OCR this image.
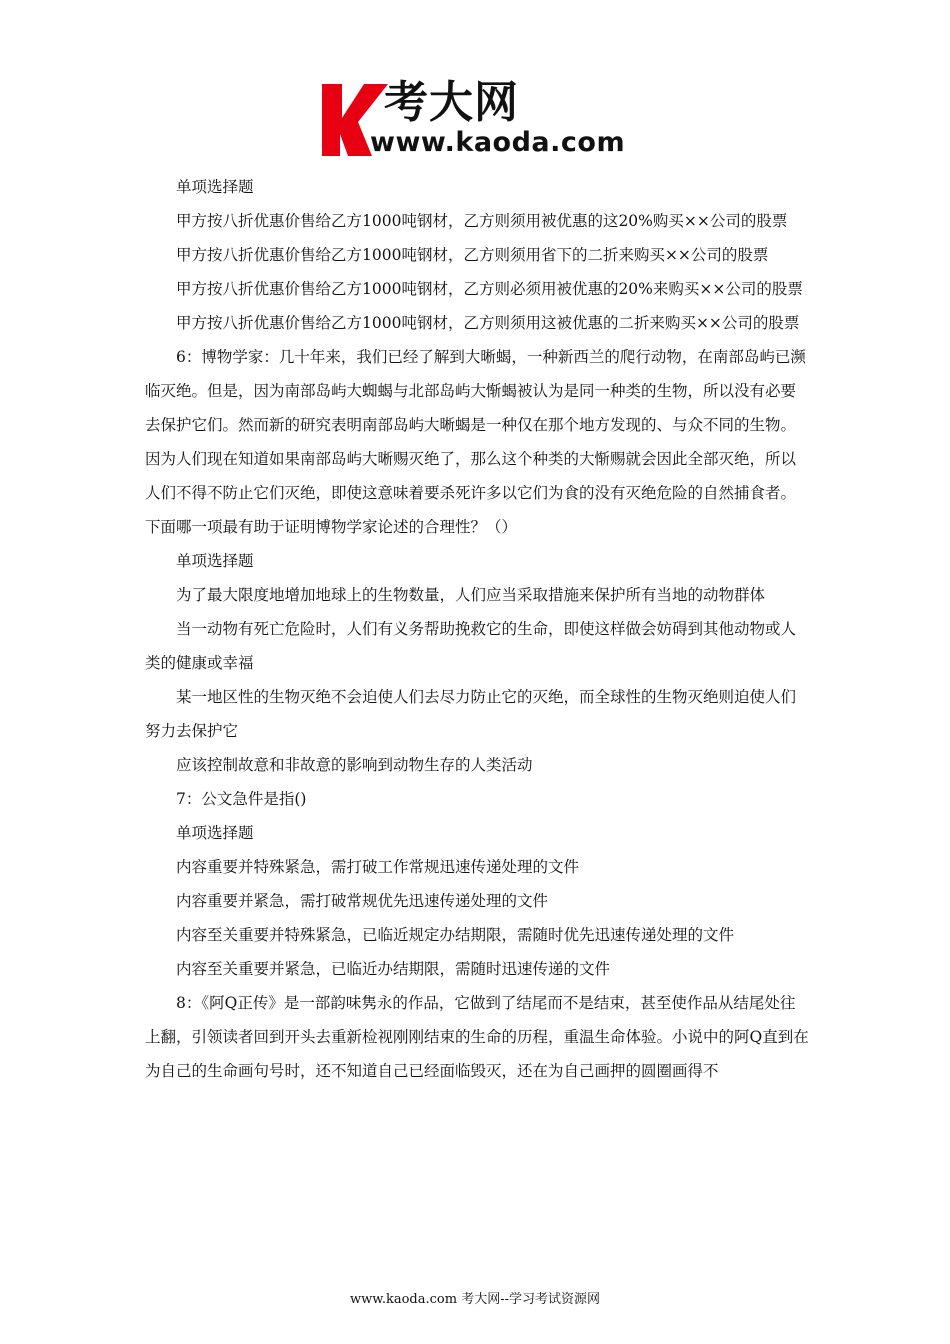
考大网
www.kaoda.com

单项选择题

甲方按八折优惠价售给乙方1000吨钢材，乙方则须用被优惠的这20%购买××公司的股票

甲方按八折优惠价售给乙方1000吨钢材，乙方则须用省下的二折来购买××公司的股票

甲方按八折优惠价售给乙方1000吨钢材，乙方则必须用被优惠的20%来购买××公司的股票

甲方按八折优惠价售给乙方1000吨钢材，乙方则须用这被优惠的二折来购买××公司的股票

6：博物学家：几十年来，我们已经了解到大晰蝎，一种新西兰的爬行动物，在南部岛屿已濒临灭绝。但是，因为南部岛屿大蜘蝎与北部岛屿大惭蝎被认为是同一种类的生物，所以没有必要去保护它们。然而新的研究表明南部岛屿大晰蝎是一种仅在那个地方发现的、与众不同的生物。因为人们现在知道如果南部岛屿大晰赐灭绝了，那么这个种类的大惭赐就会因此全部灭绝，所以人们不得不防止它们灭绝，即使这意味着要杀死许多以它们为食的没有灭绝危险的自然捕食者。下面哪一项最有助于证明博物学家论述的合理性？（）

单项选择题

为了最大限度地增加地球上的生物数量，人们应当采取措施来保护所有当地的动物群体

当一动物有死亡危险时，人们有义务帮助挽救它的生命，即使这样做会妨碍到其他动物或人类的健康或幸福

某一地区性的生物灭绝不会迫使人们去尽力防止它的灭绝，而全球性的生物灭绝则迫使人们努力去保护它

应该控制故意和非故意的影响到动物生存的人类活动

7：公文急件是指()

单项选择题

内容重要并特殊紧急，需打破工作常规迅速传递处理的文件

内容重要并紧急，需打破常规优先迅速传递处理的文件

内容至关重要并特殊紧急，已临近规定办结期限，需随时优先迅速传递处理的文件

内容至关重要并紧急，已临近办结期限，需随时迅速传递的文件

8：《阿Q正传》是一部韵味隽永的作品，它做到了结尾而不是结束，甚至使作品从结尾处往上翻，引领读者回到开头去重新检视刚刚结束的生命的历程，重温生命体验。小说中的阿Q直到在为自己的生命画句号时，还不知道自己已经面临毁灭，还在为自己画押的圆圈画得不

www.kaoda.com 考大网--学习考试资源网
